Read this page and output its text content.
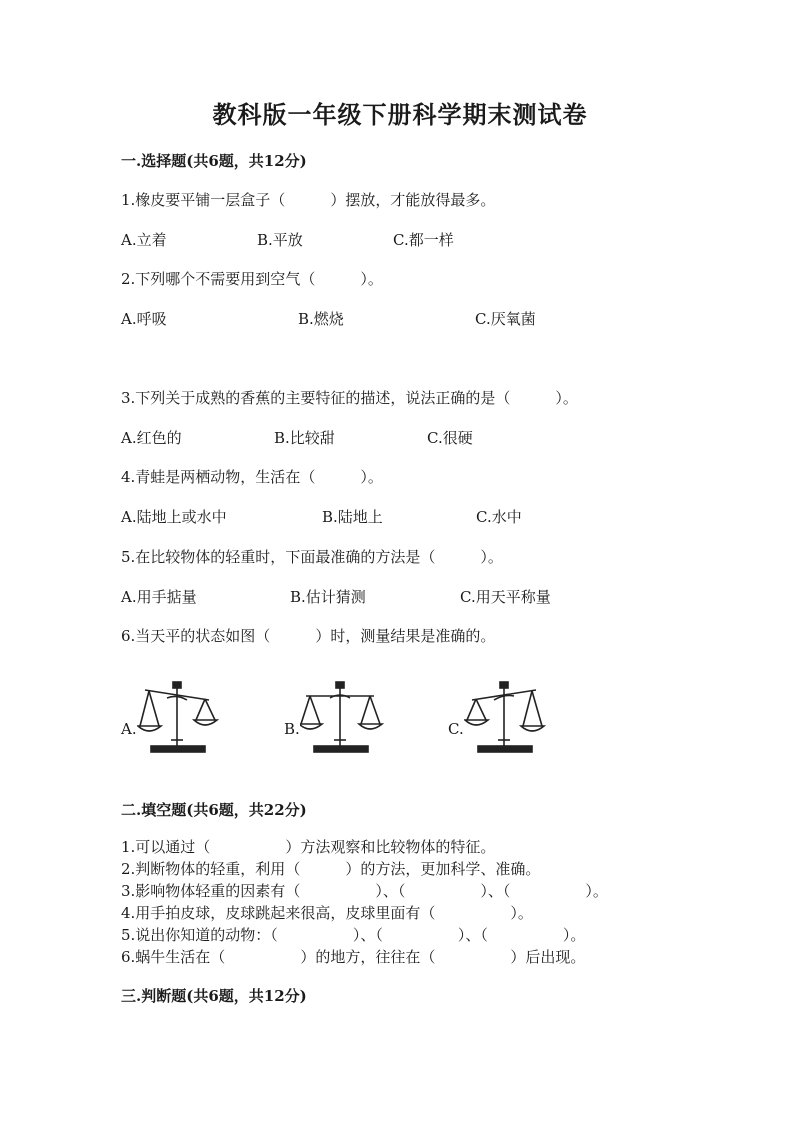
教科版一年级下册科学期末测试卷
一.选择题(共6题，共12分)
1.橡皮要平铺一层盒子（　　　）摆放，才能放得最多。
A.立着	B.平放	C.都一样
2.下列哪个不需要用到空气（　　　）。
A.呼吸	B.燃烧	C.厌氧菌
3.下列关于成熟的香蕉的主要特征的描述，说法正确的是（　　　）。
A.红色的	B.比较甜	C.很硬
4.青蛙是两栖动物，生活在（　　　）。
A.陆地上或水中	B.陆地上	C.水中
5.在比较物体的轻重时，下面最准确的方法是（　　　）。
A.用手掂量	B.估计猜测	C.用天平称量
6.当天平的状态如图（　　　）时，测量结果是准确的。
A.	B.	C.
二.填空题(共6题，共22分)
1.可以通过（　　　　　）方法观察和比较物体的特征。
2.判断物体的轻重，利用（　　　）的方法，更加科学、准确。
3.影响物体轻重的因素有（　　　　　）、（　　　　　）、（　　　　　）。
4.用手拍皮球，皮球跳起来很高，皮球里面有（　　　　　）。
5.说出你知道的动物：（　　　　　）、（　　　　　）、（　　　　　）。
6.蜗牛生活在（　　　　　）的地方，往往在（　　　　　）后出现。
三.判断题(共6题，共12分)
